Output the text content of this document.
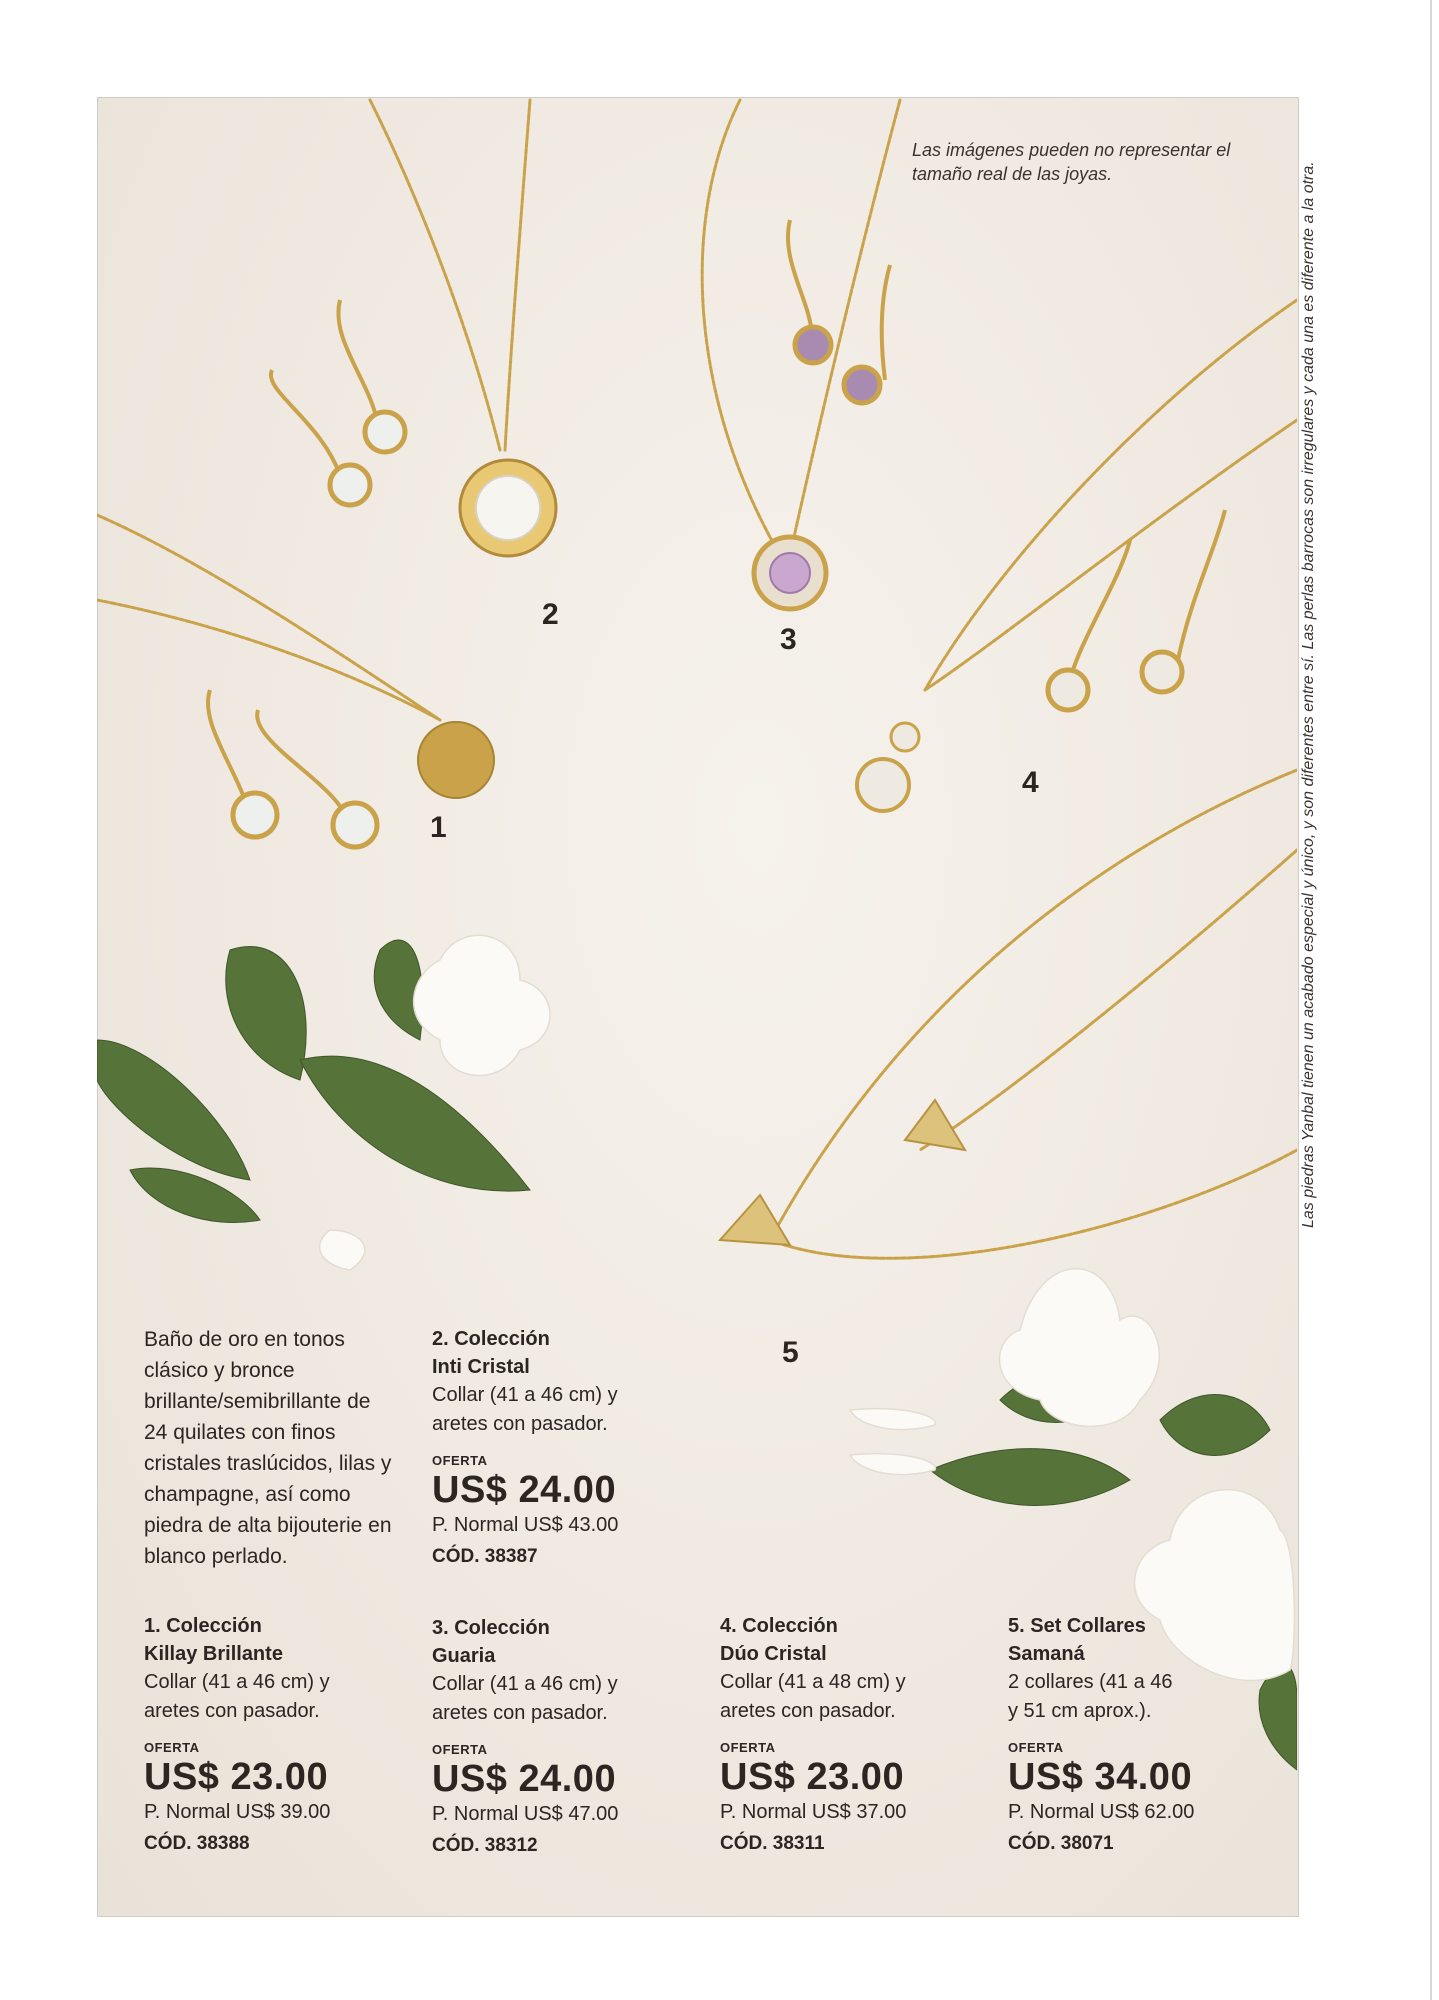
Las imágenes pueden no representar el tamaño real de las joyas.	Las piedras Yanbal tienen un acabado especial y único, y son diferentes entre sí. Las perlas barrocas son irregulares y cada una es diferente a la otra.
1
2
3
4
5
Baño de oro en tonos clásico y bronce brillante/semibrillante de 24 quilates con finos cristales traslúcidos, lilas y champagne, así como piedra de alta bijouterie en blanco perlado.
2. Colección
Inti Cristal
Collar (41 a 46 cm) y
aretes con pasador.
OFERTA
US$ 24.00
P. Normal US$ 43.00
CÓD. 38387
1. Colección
Killay Brillante
Collar (41 a 46 cm) y
aretes con pasador.
OFERTA
US$ 23.00
P. Normal US$ 39.00
CÓD. 38388
3. Colección
Guaria
Collar (41 a 46 cm) y
aretes con pasador.
OFERTA
US$ 24.00
P. Normal US$ 47.00
CÓD. 38312
4. Colección
Dúo Cristal
Collar (41 a 48 cm) y
aretes con pasador.
OFERTA
US$ 23.00
P. Normal US$ 37.00
CÓD. 38311
5. Set Collares
Samaná
2 collares (41 a 46
y 51 cm aprox.).
OFERTA
US$ 34.00
P. Normal US$ 62.00
CÓD. 38071
